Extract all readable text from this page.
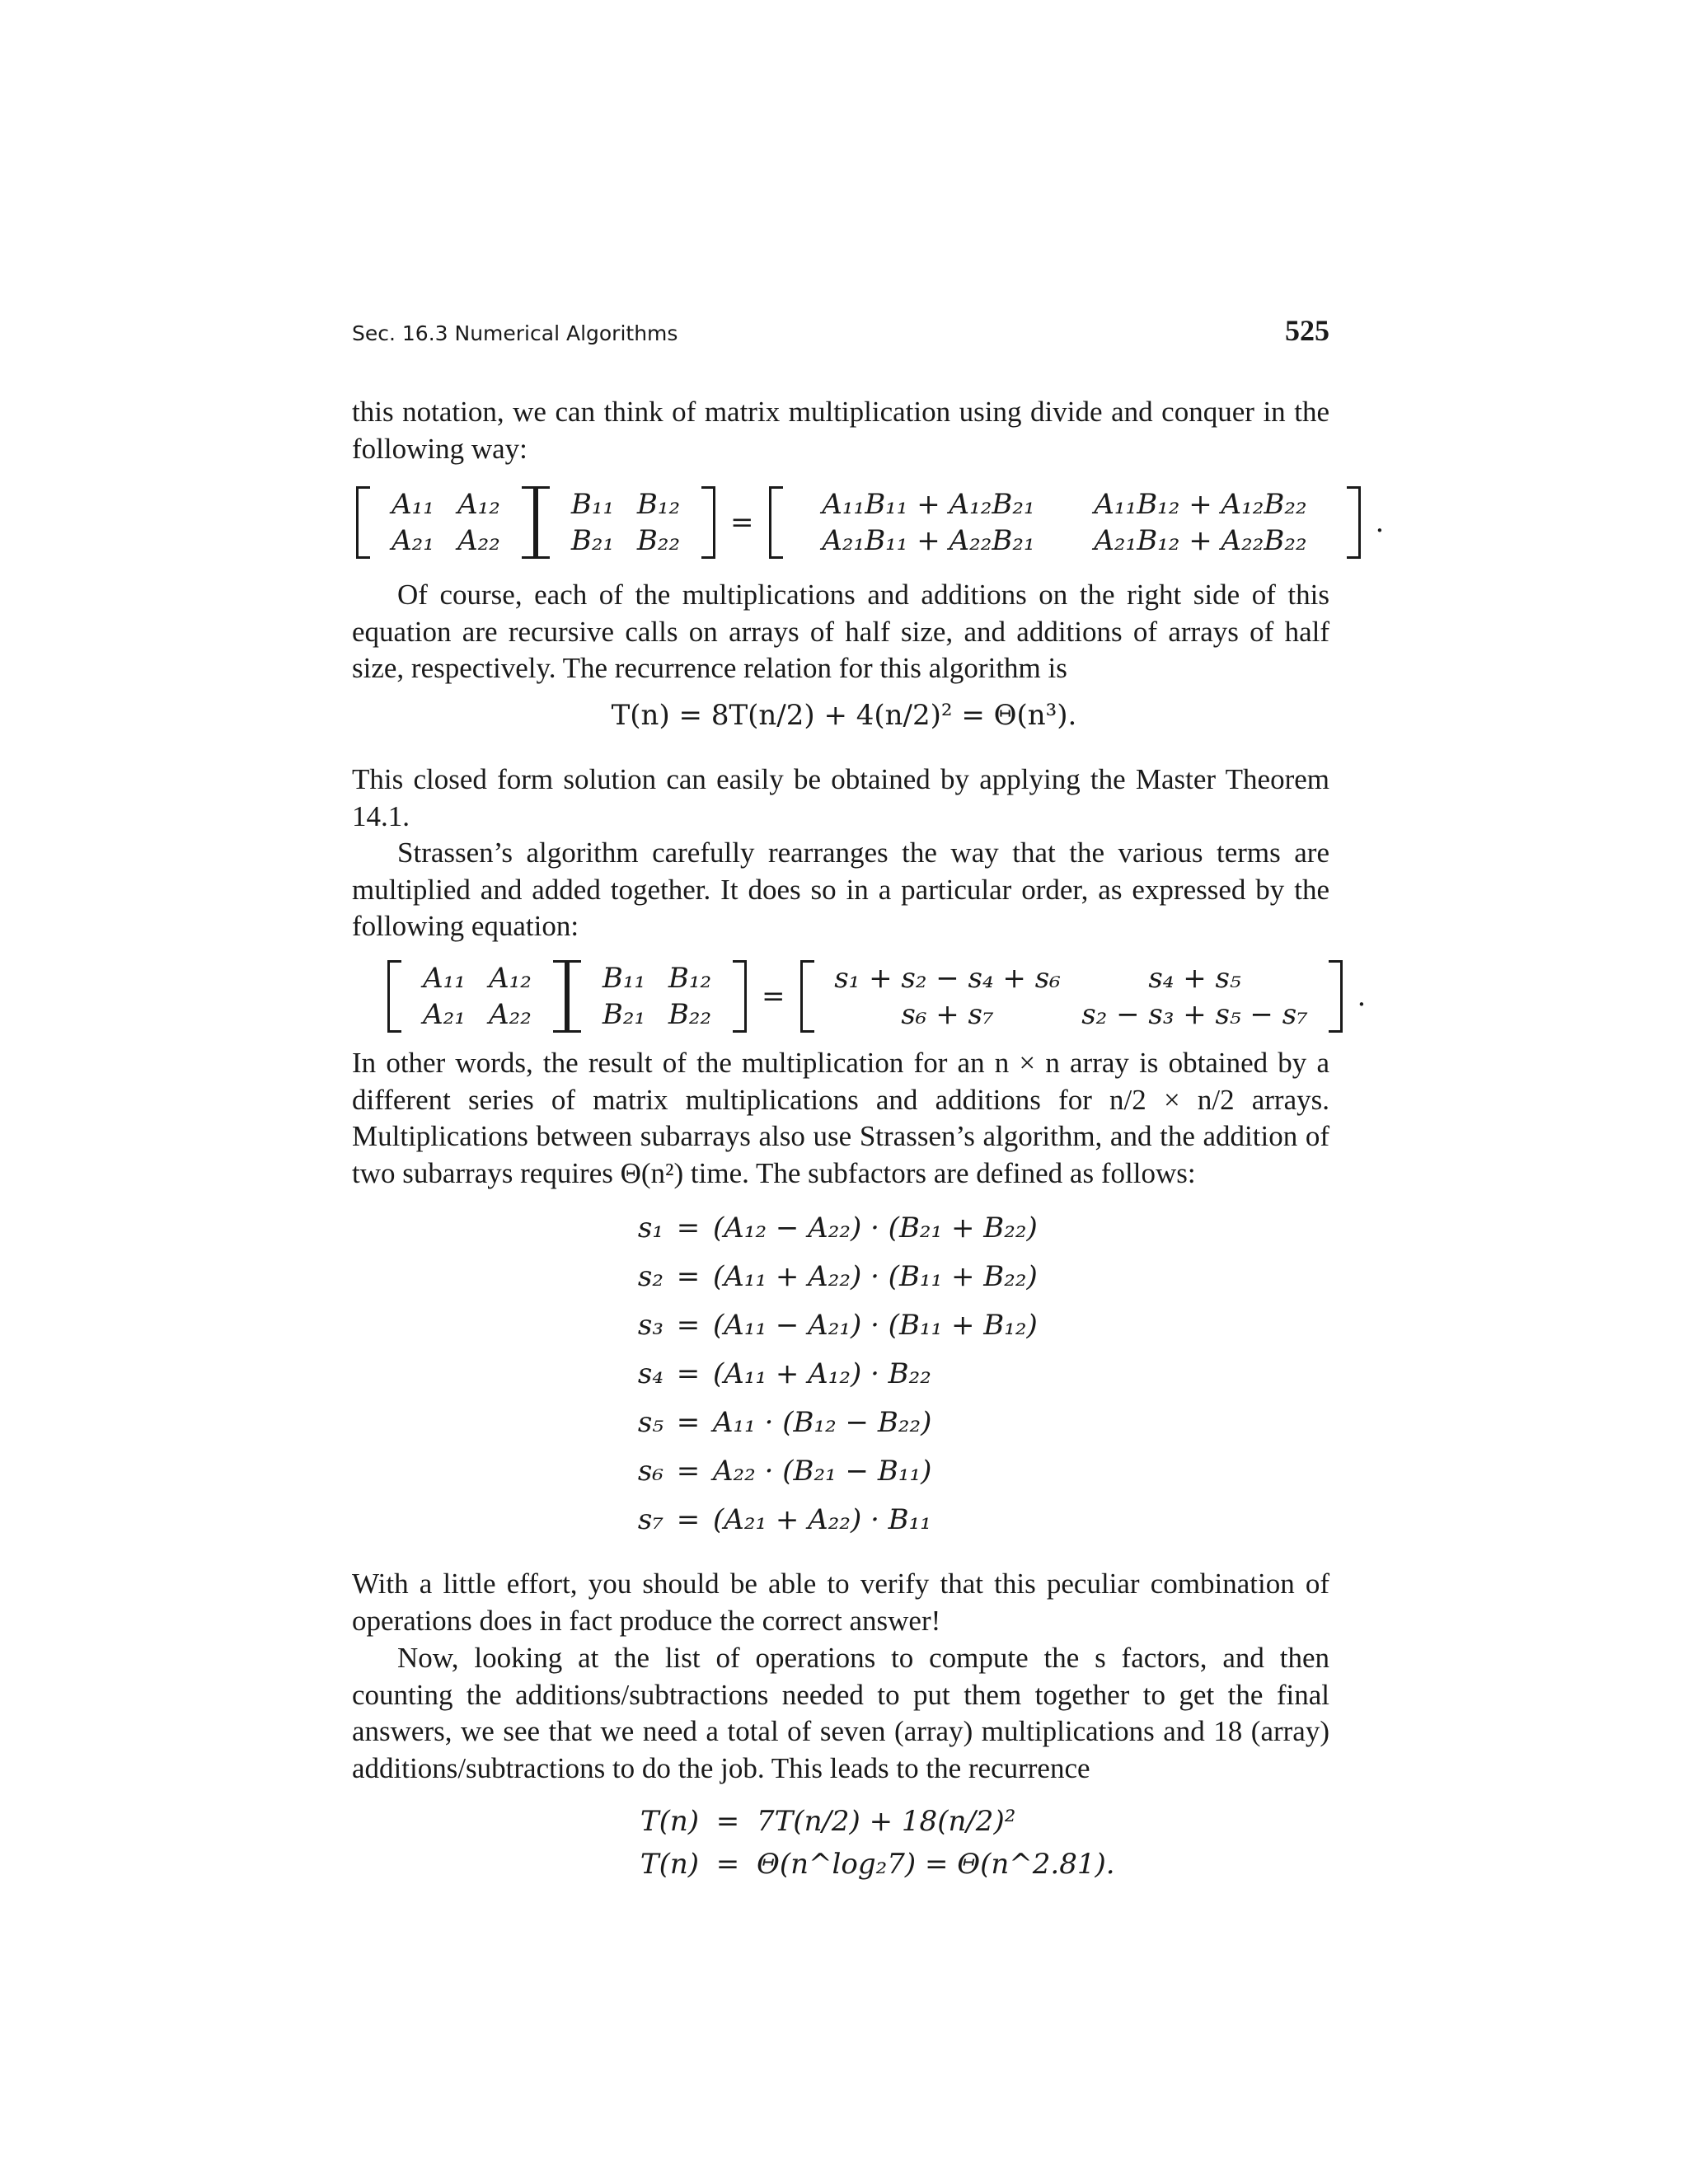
Sec. 16.3 Numerical Algorithms	525

this notation, we can think of matrix multiplication using divide and conquer in the following way:

A₁₁ A₁₂
A₂₁ A₂₂
B₁₁ B₁₂
B₂₁ B₂₂
=
A₁₁B₁₁ + A₁₂B₂₁	A₁₁B₁₂ + A₁₂B₂₂
A₂₁B₁₁ + A₂₂B₂₁	A₂₁B₁₂ + A₂₂B₂₂
.

Of course, each of the multiplications and additions on the right side of this equation are recursive calls on arrays of half size, and additions of arrays of half size, respectively. The recurrence relation for this algorithm is

T(n) = 8T(n/2) + 4(n/2)² = Θ(n³).

This closed form solution can easily be obtained by applying the Master Theorem 14.1.

Strassen’s algorithm carefully rearranges the way that the various terms are multiplied and added together. It does so in a particular order, as expressed by the following equation:

A₁₁ A₁₂
A₂₁ A₂₂
B₁₁ B₁₂
B₂₁ B₂₂
=
s₁ + s₂ − s₄ + s₆	s₄ + s₅
s₆ + s₇	s₂ − s₃ + s₅ − s₇
.

In other words, the result of the multiplication for an n × n array is obtained by a different series of matrix multiplications and additions for n/2 × n/2 arrays. Multiplications between subarrays also use Strassen’s algorithm, and the addition of two subarrays requires Θ(n²) time. The subfactors are defined as follows:

s₁ = (A₁₂ − A₂₂) · (B₂₁ + B₂₂)
s₂ = (A₁₁ + A₂₂) · (B₁₁ + B₂₂)
s₃ = (A₁₁ − A₂₁) · (B₁₁ + B₁₂)
s₄ = (A₁₁ + A₁₂) · B₂₂
s₅ = A₁₁ · (B₁₂ − B₂₂)
s₆ = A₂₂ · (B₂₁ − B₁₁)
s₇ = (A₂₁ + A₂₂) · B₁₁

With a little effort, you should be able to verify that this peculiar combination of operations does in fact produce the correct answer!

Now, looking at the list of operations to compute the s factors, and then counting the additions/subtractions needed to put them together to get the final answers, we see that we need a total of seven (array) multiplications and 18 (array) additions/subtractions to do the job. This leads to the recurrence

T(n) = 7T(n/2) + 18(n/2)²
T(n) = Θ(n^log₂7) = Θ(n^2.81).
